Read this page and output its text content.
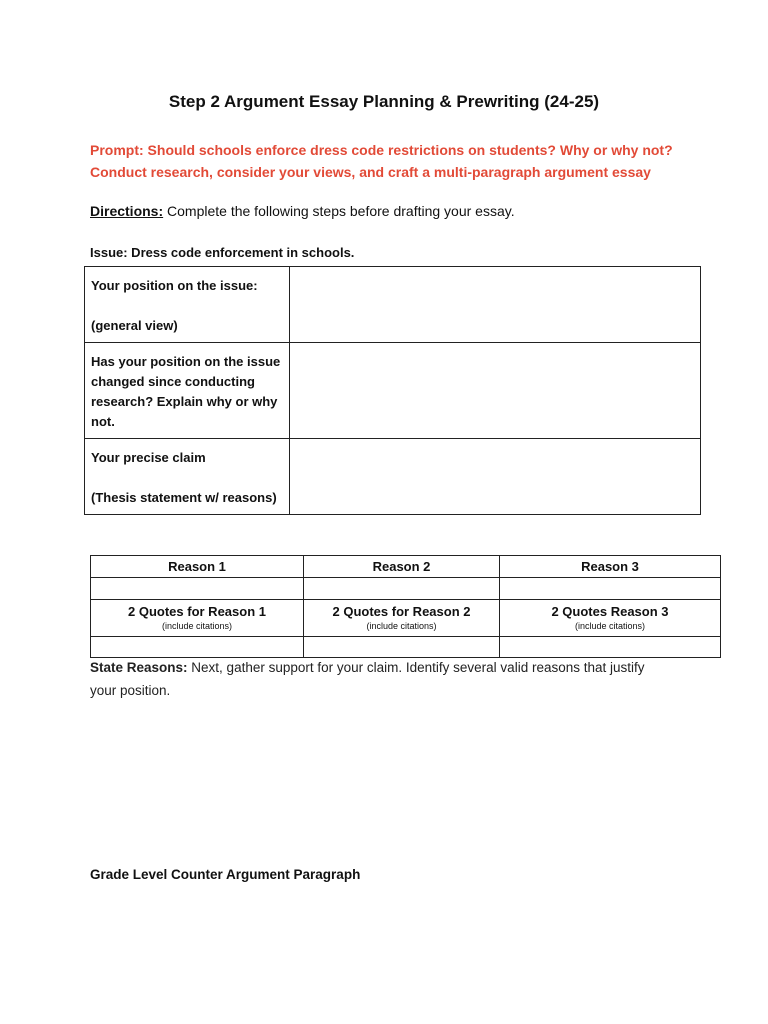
Step 2 Argument Essay Planning & Prewriting (24-25)
Prompt: Should schools enforce dress code restrictions on students? Why or why not?
Conduct research, consider your views, and craft a multi-paragraph argument essay
Directions: Complete the following steps before drafting your essay.
Issue: Dress code enforcement in schools.
Your position on the issue:
(general view)	

Has your position on the issue changed since conducting research? Explain why or why not.	

Your precise claim
(Thesis statement w/ reasons)	

Reason 1	Reason 2	Reason 3

2 Quotes for Reason 1
(include citations)	2 Quotes for Reason 2
(include citations)	2 Quotes Reason 3
(include citations)

State Reasons: Next, gather support for your claim. Identify several valid reasons that justify your position.
Grade Level Counter Argument Paragraph
